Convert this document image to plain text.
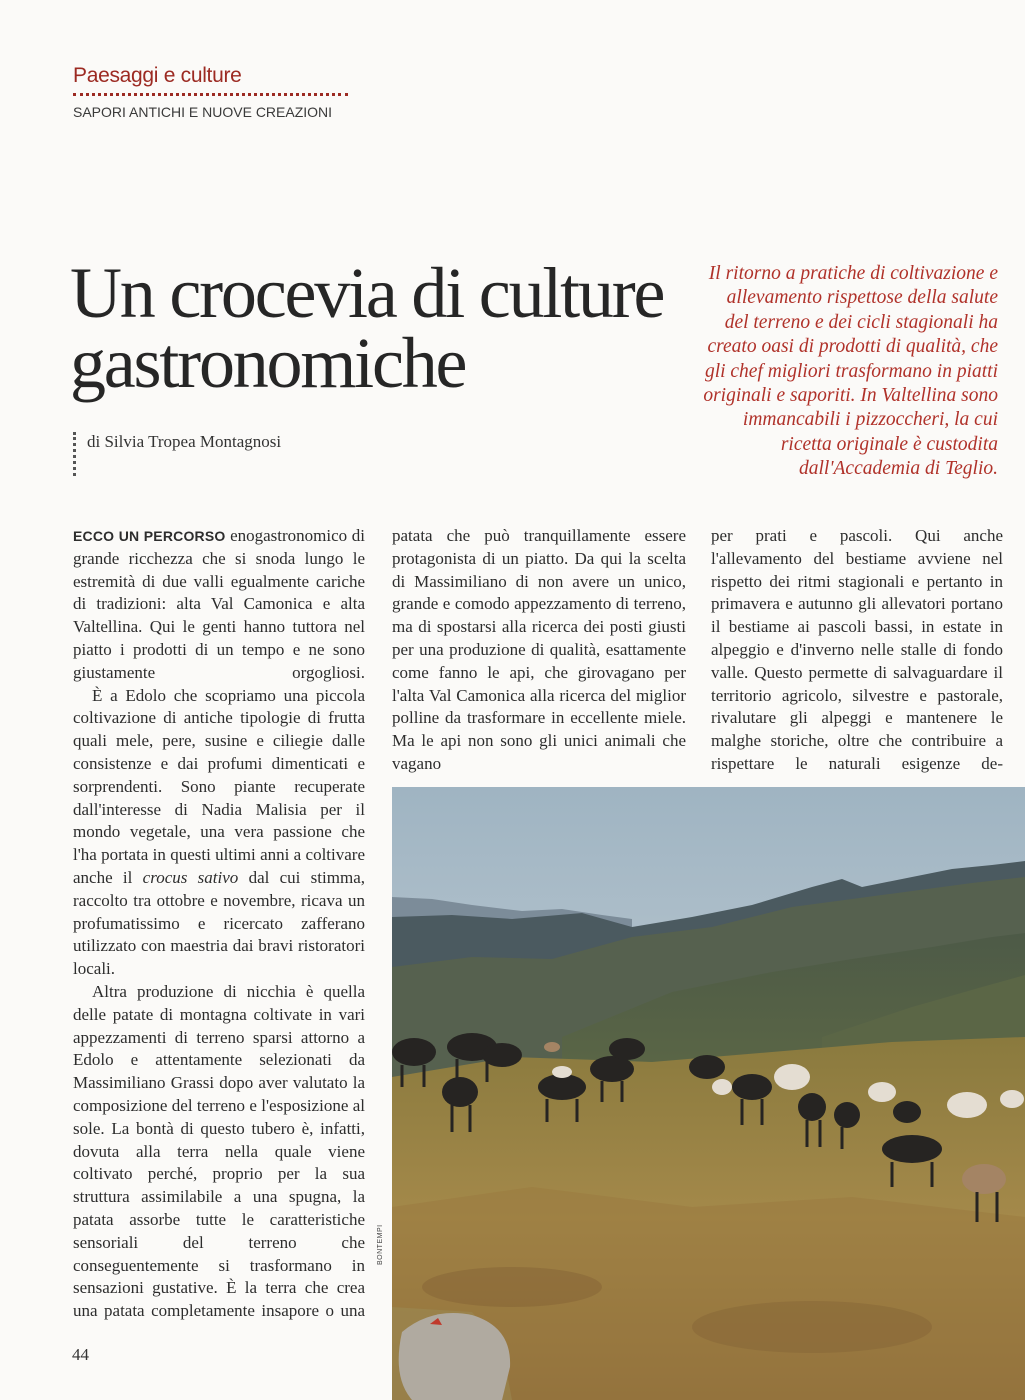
Paesaggi e culture
SAPORI ANTICHI E NUOVE CREAZIONI
Un crocevia di culture gastronomiche
Il ritorno a pratiche di coltivazione e allevamento rispettose della salute del terreno e dei cicli stagionali ha creato oasi di prodotti di qualità, che gli chef migliori trasformano in piatti originali e saporiti. In Valtellina sono immancabili i pizzoccheri, la cui ricetta originale è custodita dall'Accademia di Teglio.
di Silvia Tropea Montagnosi

ECCO UN PERCORSO enogastronomico di grande ricchezza che si snoda lungo le estremità di due valli egualmente cariche di tradizioni: alta Val Camonica e alta Valtellina. Qui le genti hanno tuttora nel piatto i prodotti di un tempo e ne sono giustamente orgogliosi.

È a Edolo che scopriamo una piccola coltivazione di antiche tipologie di frutta quali mele, pere, susine e ciliegie dalle consistenze e dai profumi dimenticati e sorprendenti. Sono piante recuperate dall'interesse di Nadia Malisia per il mondo vegetale, una vera passione che l'ha portata in questi ultimi anni a coltivare anche il crocus sativo dal cui stimma, raccolto tra ottobre e novembre, ricava un profumatissimo e ricercato zafferano utilizzato con maestria dai bravi ristoratori locali.

Altra produzione di nicchia è quella delle patate di montagna coltivate in vari appezzamenti di terreno sparsi attorno a Edolo e attentamente selezionati da Massimiliano Grassi dopo aver valutato la composizione del terreno e l'esposizione al sole. La bontà di questo tubero è, infatti, dovuta alla terra nella quale viene coltivato perché, proprio per la sua struttura assimilabile a una spugna, la patata assorbe tutte le caratteristiche sensoriali del terreno che conseguentemente si trasformano in sensazioni gustative. È la terra che crea una patata completamente insapore o una

patata che può tranquillamente essere protagonista di un piatto. Da qui la scelta di Massimiliano di non avere un unico, grande e comodo appezzamento di terreno, ma di spostarsi alla ricerca dei posti giusti per una produzione di qualità, esattamente come fanno le api, che girovagano per l'alta Val Camonica alla ricerca del miglior polline da trasformare in eccellente miele. Ma le api non sono gli unici animali che vagano

per prati e pascoli. Qui anche l'allevamento del bestiame avviene nel rispetto dei ritmi stagionali e pertanto in primavera e autunno gli allevatori portano il bestiame ai pascoli bassi, in estate in alpeggio e d'inverno nelle stalle di fondo valle. Questo permette di salvaguardare il territorio agricolo, silvestre e pastorale, rivalutare gli alpeggi e mantenere le malghe storiche, oltre che contribuire a rispettare le naturali esigenze de-

BONTEMPI
44
